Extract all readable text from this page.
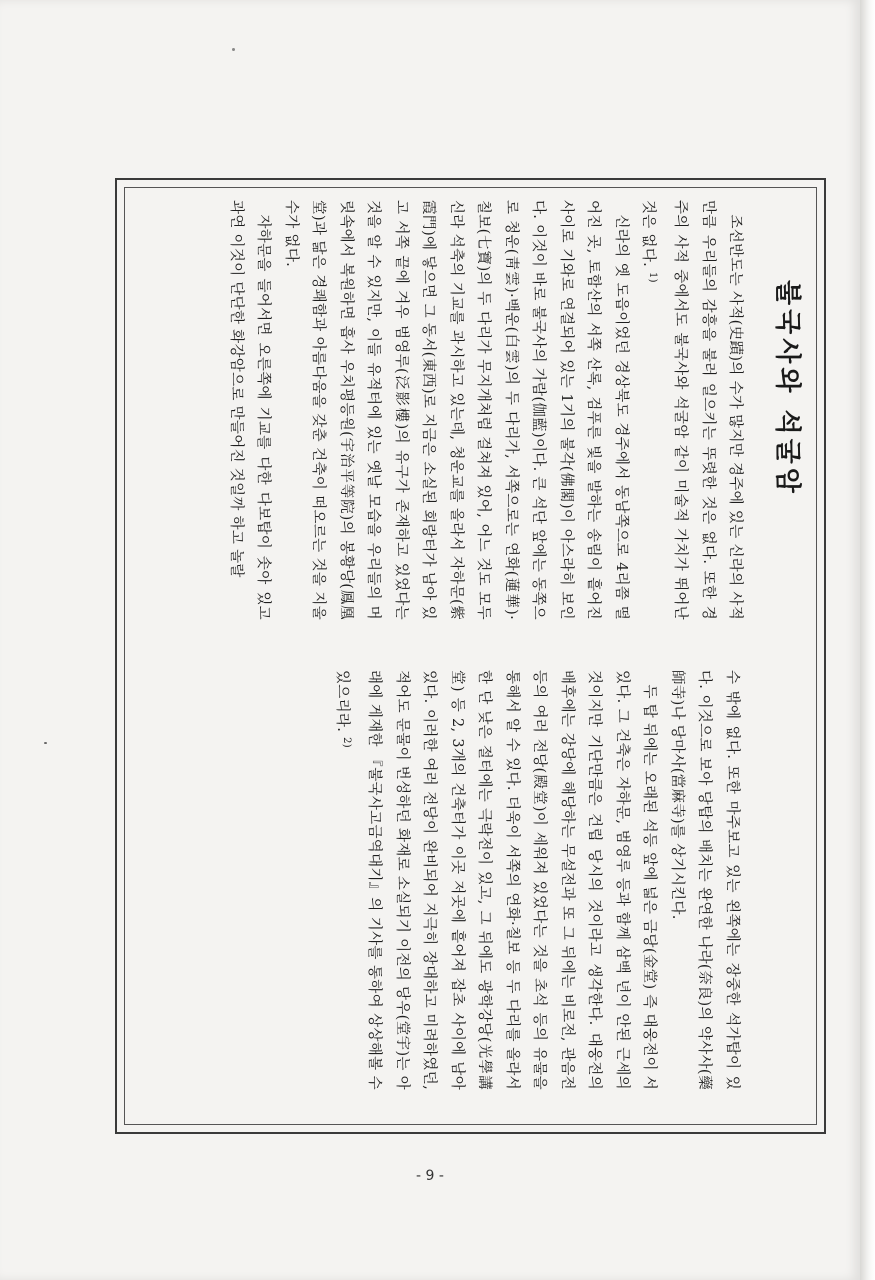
불국사와 석굴암

조선반도는 사적(史蹟)의 수가 많지만 경주에 있는 신라의 사적만큼 우리들의 감흥을 불러 일으키는 뚜렷한 것은 없다. 또한 경주의 사적 중에서도 불국사와 석굴암 같이 미술적 가치가 뛰어난 것은 없다. $^{1)}$

신라의 옛 도읍이었던 경상북도 경주에서 동남쪽으로 4리쯤 떨어진 곳, 토함산의 서쪽 산록, 검푸른 빛을 발하는 송림이 흩어진 사이로 기와로 연결되어 있는 1기의 불각(佛閣)이 아스라히 보인다. 이것이 바로 불국사의 가람(伽藍)이다. 큰 석단 앞에는 동쪽으로 청운(靑雲)·백운(白雲)의 두 다리가, 서쪽으로는 연화(蓮華)·칠보(七寶)의 두 다리가 무지개처럼 걸쳐져 있어, 어느 것도 모두 신라 석축의 기교를 과시하고 있는데, 청운교를 올라서 자하문(紫霞門)에 닿으면 그 동서(東西)로 지금은 소실된 회랑터가 남아 있고 서쪽 끝에 겨우 범영루(泛影樓)의 유구가 존재하고 있었다는 것을 알 수 있지만, 이들 유적터에 있는 옛날 모습을 우리들의 머릿속에서 복원하면 흡사 우치평등원(宇治平等院)의 봉황당(鳳凰堂)과 닮은 경쾌함과 아름다움을 갖춘 건축이 떠오르는 것을 지울 수가 없다.

자하문을 들어서면 오른쪽에 기교를 다한 다보탑이 솟아 있고 과연 이것이 단단한 화강암으로 만들어진 것일까 하고 놀랄

수 밖에 없다. 또한 마주보고 있는 왼쪽에는 장중한 석가탑이 있다. 이것으로 보아 당탑의 배치는 완연한 나라(奈良)의 약사사(藥師寺)나 당마사(當麻寺)를 상기시킨다.

두 탑 뒤에는 오래된 석등 앞에 넓은 금당(金堂) 즉 대웅전이 서있다. 그 건축은 자하문, 범영루 등과 함께 삼백 년이 안된 근세의 것이지만 기단만큼은 건립 당시의 것이라고 생각한다. 대웅전의 배후에는 강당에 해당하는 무설전과 또 그 뒤에는 비로전, 관음전 등의 여러 전당(殿堂)이 세워져 있었다는 것을 초석 등의 유물을 통해서 알 수 있다. 더욱이 서쪽의 연화·칠보 등 두 다리를 올라서 한 단 낮은 절터에는 극락전이 있고, 그 뒤에도 광학강당(光學講堂) 등 2, 3개의 건축터가 이곳 저곳에 흩어져 잡초 사이에 남아 있다. 이러한 여러 전당이 완비되어 지극히 장대하고 미려하였던, 적어도 문물이 번성하던 화재로 소실되기 이전의 당우(堂宇)는 아래에 게재한 『불국사고금역대기』의 기사를 통하여 상상해볼 수 있으리라. $^{2)}$

- 9 -
